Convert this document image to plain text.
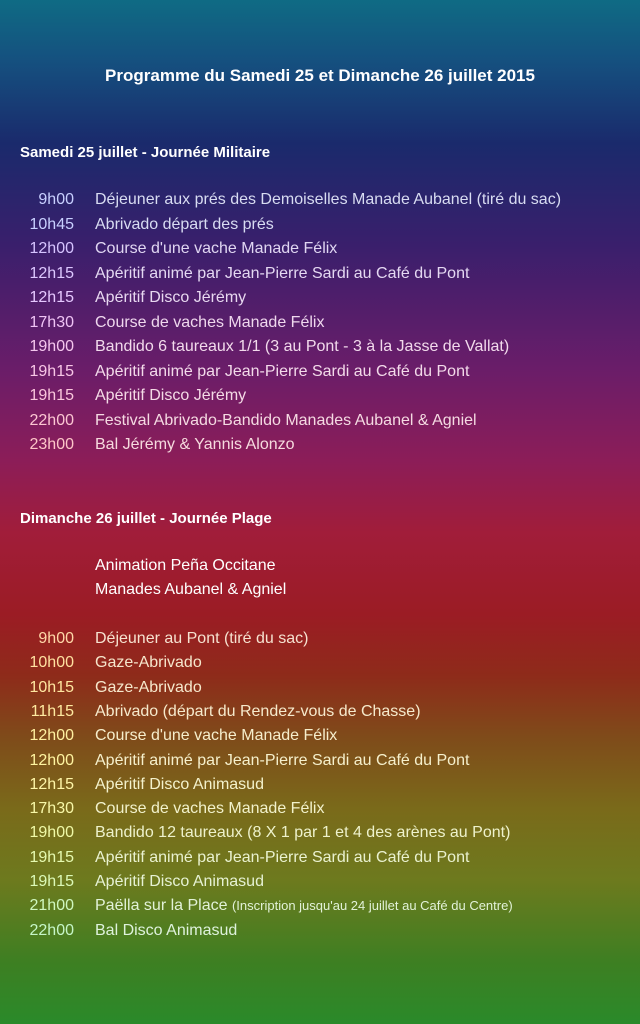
Programme du Samedi 25 et Dimanche 26 juillet 2015
Samedi 25 juillet - Journée Militaire
9h00 Déjeuner aux prés des Demoiselles Manade Aubanel (tiré du sac)
10h45 Abrivado départ des prés
12h00 Course d'une vache Manade Félix
12h15 Apéritif animé par Jean-Pierre Sardi au Café du Pont
12h15 Apéritif Disco Jérémy
17h30 Course de vaches Manade Félix
19h00 Bandido 6 taureaux 1/1 (3 au Pont - 3 à la Jasse de Vallat)
19h15 Apéritif animé par Jean-Pierre Sardi au Café du Pont
19h15 Apéritif Disco Jérémy
22h00 Festival Abrivado-Bandido Manades Aubanel & Agniel
23h00 Bal Jérémy & Yannis Alonzo
Dimanche 26 juillet - Journée Plage
Animation Peña Occitane
Manades Aubanel & Agniel
9h00 Déjeuner au Pont (tiré du sac)
10h00 Gaze-Abrivado
10h15 Gaze-Abrivado
11h15 Abrivado (départ du Rendez-vous de Chasse)
12h00 Course d'une vache Manade Félix
12h00 Apéritif animé par Jean-Pierre Sardi au Café du Pont
12h15 Apéritif Disco Animasud
17h30 Course de vaches Manade Félix
19h00 Bandido 12 taureaux (8 X 1 par 1 et 4 des arènes au Pont)
19h15 Apéritif animé par Jean-Pierre Sardi au Café du Pont
19h15 Apéritif Disco Animasud
21h00 Paëlla sur la Place (Inscription jusqu'au 24 juillet au Café du Centre)
22h00 Bal Disco Animasud
